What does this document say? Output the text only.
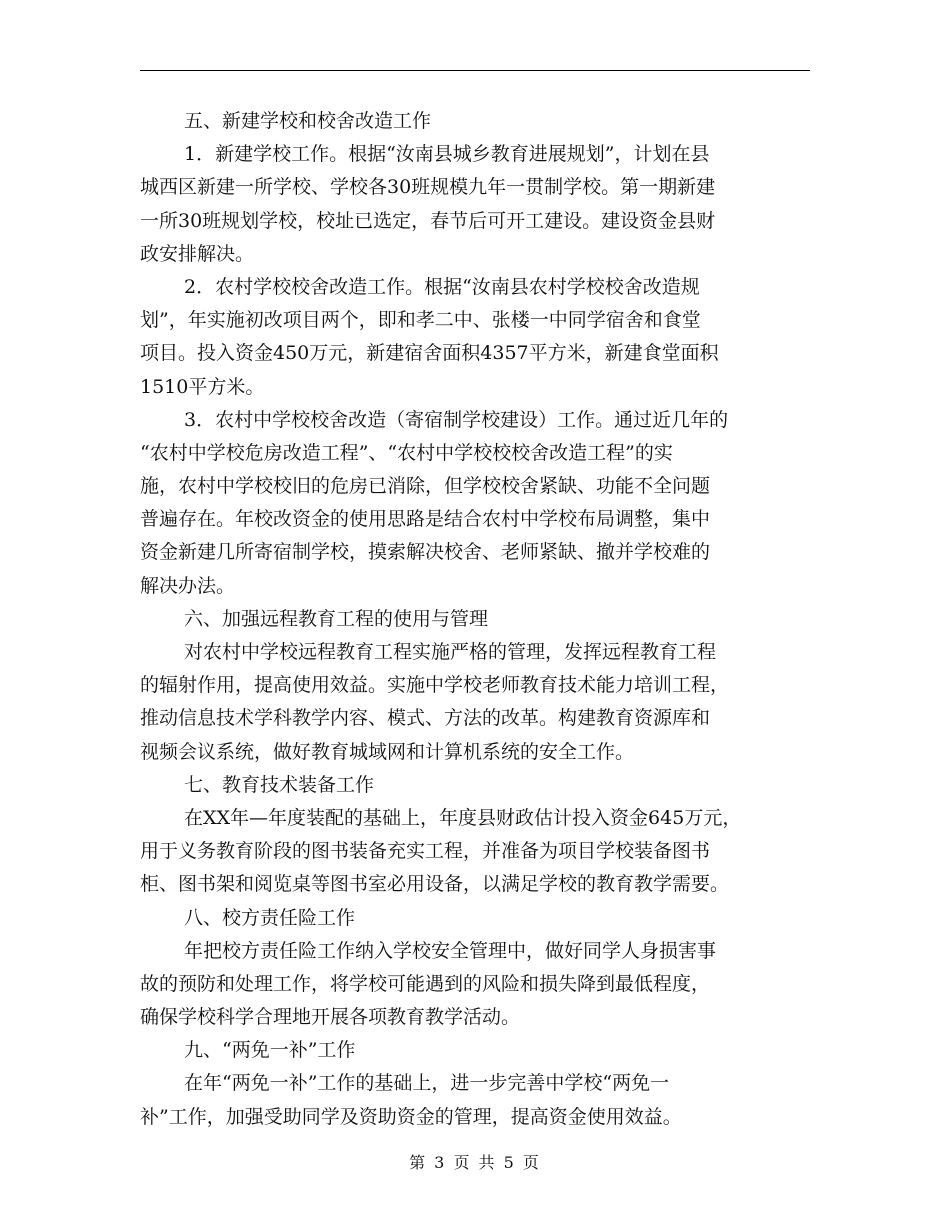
五、新建学校和校舍改造工作
1．新建学校工作。根据“汝南县城乡教育进展规划”，计划在县
城西区新建一所学校、学校各30班规模九年一贯制学校。第一期新建
一所30班规划学校，校址已选定，春节后可开工建设。建设资金县财
政安排解决。
2．农村学校校舍改造工作。根据“汝南县农村学校校舍改造规
划”，年实施初改项目两个，即和孝二中、张楼一中同学宿舍和食堂
项目。投入资金450万元，新建宿舍面积4357平方米，新建食堂面积
1510平方米。
3．农村中学校校舍改造（寄宿制学校建设）工作。通过近几年的
“农村中学校危房改造工程”、“农村中学校校校舍改造工程”的实
施，农村中学校校旧的危房已消除，但学校校舍紧缺、功能不全问题
普遍存在。年校改资金的使用思路是结合农村中学校布局调整，集中
资金新建几所寄宿制学校，摸索解决校舍、老师紧缺、撤并学校难的
解决办法。
六、加强远程教育工程的使用与管理
对农村中学校远程教育工程实施严格的管理，发挥远程教育工程
的辐射作用，提高使用效益。实施中学校老师教育技术能力培训工程，
推动信息技术学科教学内容、模式、方法的改革。构建教育资源库和
视频会议系统，做好教育城域网和计算机系统的安全工作。
七、教育技术装备工作
在XX年—年度装配的基础上，年度县财政估计投入资金645万元，
用于义务教育阶段的图书装备充实工程，并准备为项目学校装备图书
柜、图书架和阅览桌等图书室必用设备，以满足学校的教育教学需要。
八、校方责任险工作
年把校方责任险工作纳入学校安全管理中，做好同学人身损害事
故的预防和处理工作，将学校可能遇到的风险和损失降到最低程度，
确保学校科学合理地开展各项教育教学活动。
九、“两免一补”工作
在年“两免一补”工作的基础上，进一步完善中学校“两免一
补”工作，加强受助同学及资助资金的管理，提高资金使用效益。
第 3 页 共 5 页
